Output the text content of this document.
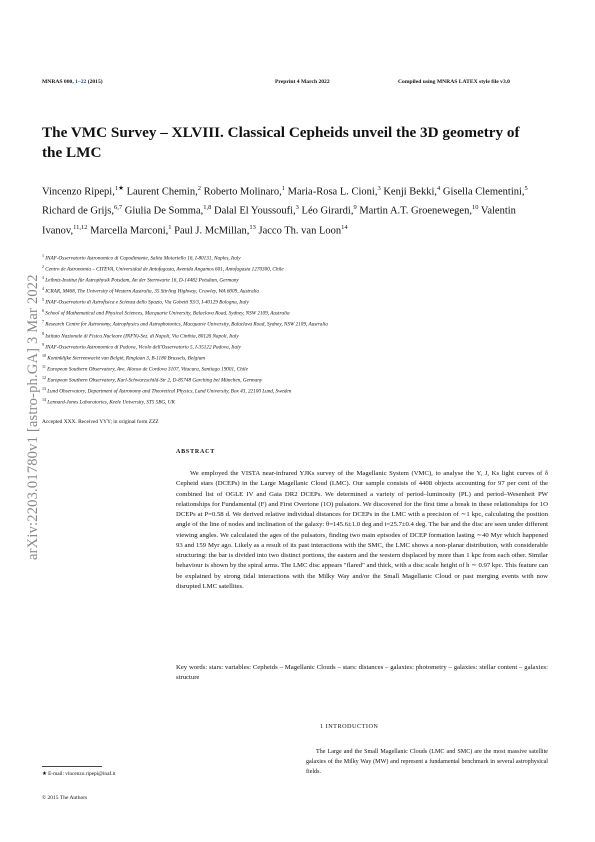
MNRAS 000, 1–22 (2015)	Preprint 4 March 2022	Compiled using MNRAS LATEX style file v3.0
arXiv:2203.01780v1 [astro-ph.GA] 3 Mar 2022
The VMC Survey – XLVIII. Classical Cepheids unveil the 3D geometry of the LMC
Vincenzo Ripepi,$^{1★}$ Laurent Chemin,$^2$ Roberto Molinaro,$^1$ Maria-Rosa L. Cioni,$^3$ Kenji Bekki,$^4$ Gisella Clementini,$^5$ Richard de Grijs,$^{6,7}$ Giulia De Somma,$^{1,8}$ Dalal El Youssoufi,$^3$ Léo Girardi,$^9$ Martin A.T. Groenewegen,$^{10}$ Valentin Ivanov,$^{11,12}$ Marcella Marconi,$^1$ Paul J. McMillan,$^{13}$ Jacco Th. van Loon$^{14}$
$^1$ INAF-Osservatorio Astronomico di Capodimonte, Salita Moiariello 16, I-80131, Naples, Italy
$^2$ Centro de Astronomía – CITEVA, Universidad de Antofagasta, Avenida Angamos 601, Antofagasta 1270300, Chile
$^3$ Leibniz-Institut für Astrophysik Potsdam, An der Sternwarte 16, D-14482 Potsdam, Germany
$^4$ ICRAR, M468, The University of Western Australia, 35 Stirling Highway, Crawley, WA 6009, Australia
$^5$ INAF-Osservatorio di Astrofisica e Scienza dello Spazio, Via Gobetti 93/3, I-40129 Bologna, Italy
$^6$ School of Mathematical and Physical Sciences, Macquarie University, Balaclava Road, Sydney, NSW 2109, Australia
$^7$ Research Centre for Astronomy, Astrophysics and Astrophotonics, Macquarie University, Balaclava Road, Sydney, NSW 2109, Australia
$^8$ Istituto Nazionale di Fisica Nucleare (INFN)-Sez. di Napoli, Via Cinthia, 80126 Napoli, Italy
$^9$ INAF-Osservatorio Astronomico di Padova, Vicolo dell'Osservatorio 5, I-35122 Padova, Italy
$^{10}$ Koninklijke Sterrenwacht van België, Ringlaan 3, B-1180 Brussels, Belgium
$^{11}$ European Southern Observatory, Ave. Alonso de Cordova 3107, Vitacura, Santiago 19001, Chile
$^{12}$ European Southern Observatory, Karl-Schwarzschild-Str 2, D-85748 Garching bei München, Germany
$^{13}$ Lund Observatory, Department of Astronomy and Theoretical Physics, Lund University, Box 43, 22100 Lund, Sweden
$^{14}$ Lennard-Jones Laboratories, Keele University, ST5 5BG, UK
Accepted XXX. Received YYY; in original form ZZZ
ABSTRACT
We employed the VISTA near-infrared YJKs survey of the Magellanic System (VMC), to analyse the Y, J, Ks light curves of δ Cepheid stars (DCEPs) in the Large Magellanic Cloud (LMC). Our sample consists of 4408 objects accounting for 97 per cent of the combined list of OGLE IV and Gaia DR2 DCEPs. We determined a variety of period–luminosity (PL) and period–Wesenheit PW relationships for Fundamental (F) and First Overtone (1O) pulsators. We discovered for the first time a break in these relationships for 1O DCEPs at P=0.58 d. We derived relative individual distances for DCEPs in the LMC with a precision of ∼1 kpc, calculating the position angle of the line of nodes and inclination of the galaxy: θ=145.6±1.0 deg and i=25.7±0.4 deg. The bar and the disc are seen under different viewing angles. We calculated the ages of the pulsators, finding two main episodes of DCEP formation lasting ∼40 Myr which happened 93 and 159 Myr ago. Likely as a result of its past interactions with the SMC, the LMC shows a non-planar distribution, with considerable structuring: the bar is divided into two distinct portions, the eastern and the western displaced by more than 1 kpc from each other. Similar behaviour is shown by the spiral arms. The LMC disc appears "flared" and thick, with a disc scale height of h ∼ 0.97 kpc. This feature can be explained by strong tidal interactions with the Milky Way and/or the Small Magellanic Cloud or past merging events with now disrupted LMC satellites.
Key words: stars: variables: Cepheids – Magellanic Clouds – stars: distances – galaxies: photometry – galaxies: stellar content – galaxies: structure
1 INTRODUCTION
The Large and the Small Magellanic Clouds (LMC and SMC) are the most massive satellite galaxies of the Milky Way (MW) and represent a fundamental benchmark in several astrophysical fields.
★ E-mail: vincenzo.ripepi@inaf.it
© 2015 The Authors
